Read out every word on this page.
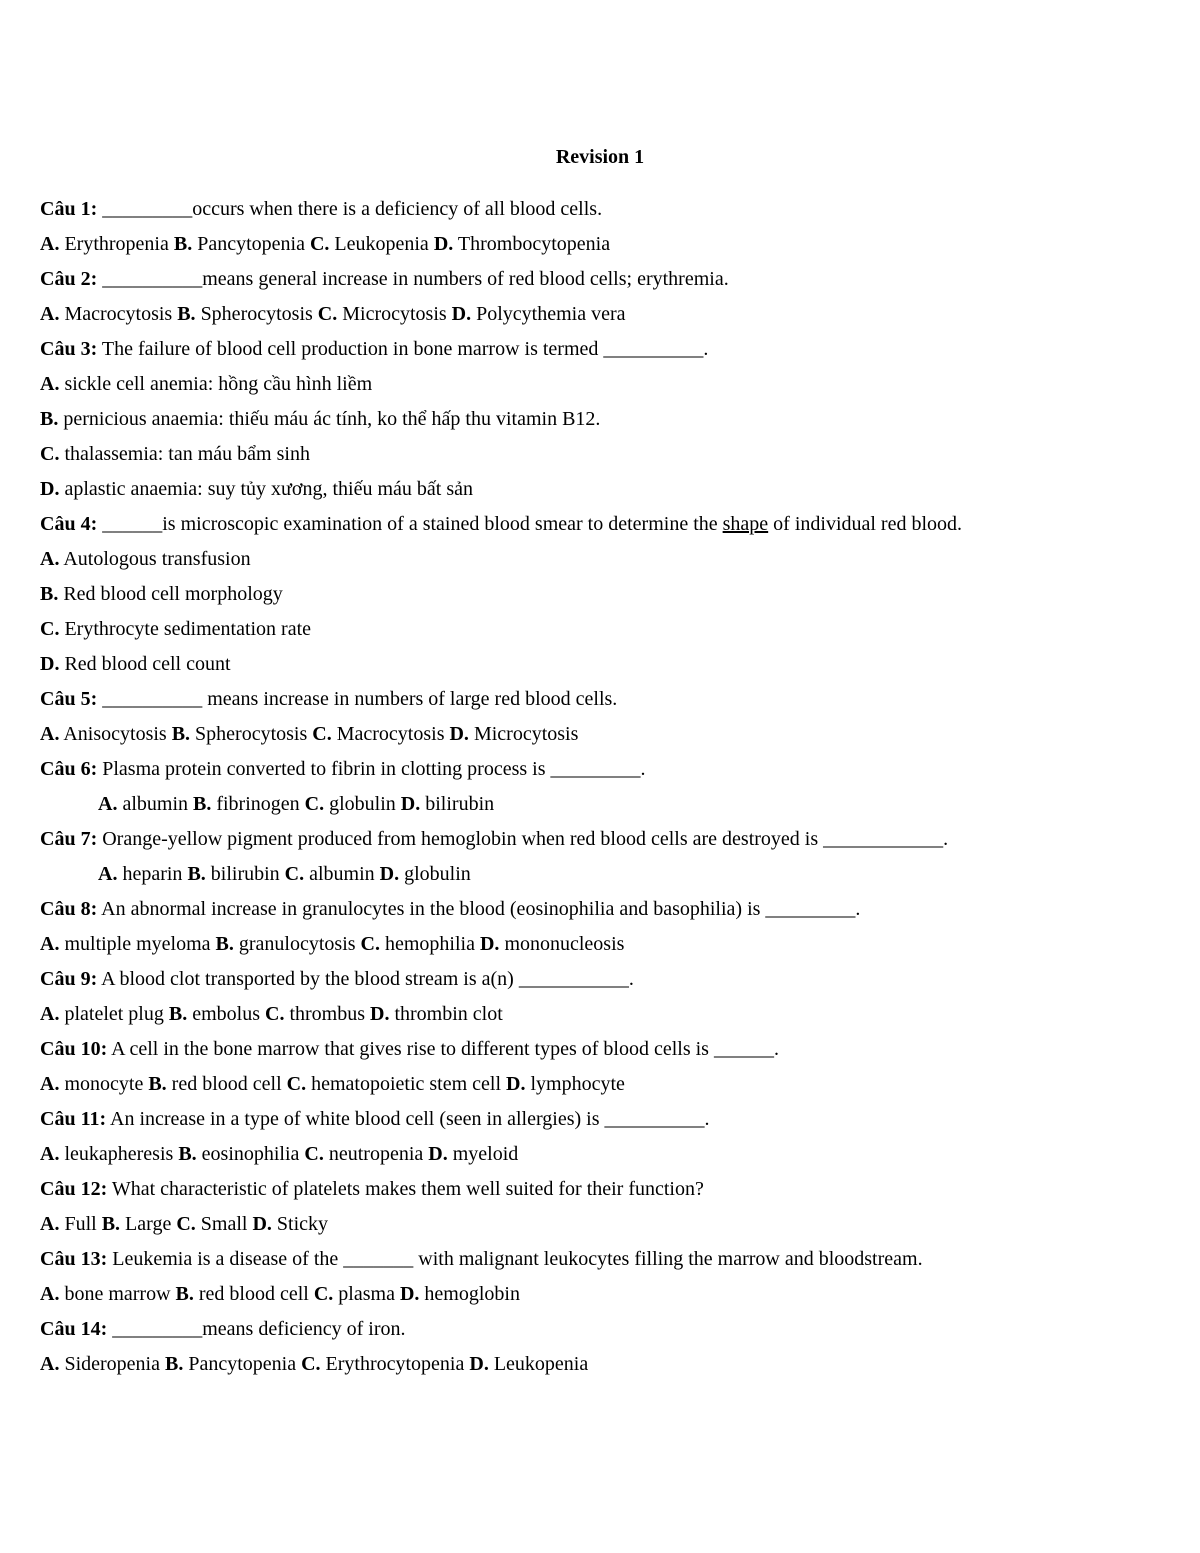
Revision 1
Câu 1: _________occurs when there is a deficiency of all blood cells.
A. Erythropenia B. Pancytopenia C. Leukopenia D. Thrombocytopenia
Câu 2: __________means general increase in numbers of red blood cells; erythremia.
A. Macrocytosis B. Spherocytosis C. Microcytosis D. Polycythemia vera
Câu 3: The failure of blood cell production in bone marrow is termed __________.
A. sickle cell anemia: hồng cầu hình liềm
B. pernicious anaemia: thiếu máu ác tính, ko thể hấp thu vitamin B12.
C. thalassemia: tan máu bẩm sinh
D. aplastic anaemia: suy tủy xương, thiếu máu bất sản
Câu 4: ______is microscopic examination of a stained blood smear to determine the shape of individual red blood.
A. Autologous transfusion
B. Red blood cell morphology
C. Erythrocyte sedimentation rate
D. Red blood cell count
Câu 5: __________ means increase in numbers of large red blood cells.
A. Anisocytosis B. Spherocytosis C. Macrocytosis D. Microcytosis
Câu 6: Plasma protein converted to fibrin in clotting process is _________.
A. albumin B. fibrinogen C. globulin D. bilirubin
Câu 7: Orange-yellow pigment produced from hemoglobin when red blood cells are destroyed is ____________.
A. heparin B. bilirubin C. albumin D. globulin
Câu 8: An abnormal increase in granulocytes in the blood (eosinophilia and basophilia) is _________.
A. multiple myeloma B. granulocytosis C. hemophilia D. mononucleosis
Câu 9: A blood clot transported by the blood stream is a(n) ___________.
A. platelet plug B. embolus C. thrombus D. thrombin clot
Câu 10: A cell in the bone marrow that gives rise to different types of blood cells is ______.
A. monocyte B. red blood cell C. hematopoietic stem cell D. lymphocyte
Câu 11: An increase in a type of white blood cell (seen in allergies) is __________.
A. leukapheresis B. eosinophilia C. neutropenia D. myeloid
Câu 12: What characteristic of platelets makes them well suited for their function?
A. Full B. Large C. Small D. Sticky
Câu 13: Leukemia is a disease of the _______ with malignant leukocytes filling the marrow and bloodstream.
A. bone marrow B. red blood cell C. plasma D. hemoglobin
Câu 14: _________means deficiency of iron.
A. Sideropenia B. Pancytopenia C. Erythrocytopenia D. Leukopenia
